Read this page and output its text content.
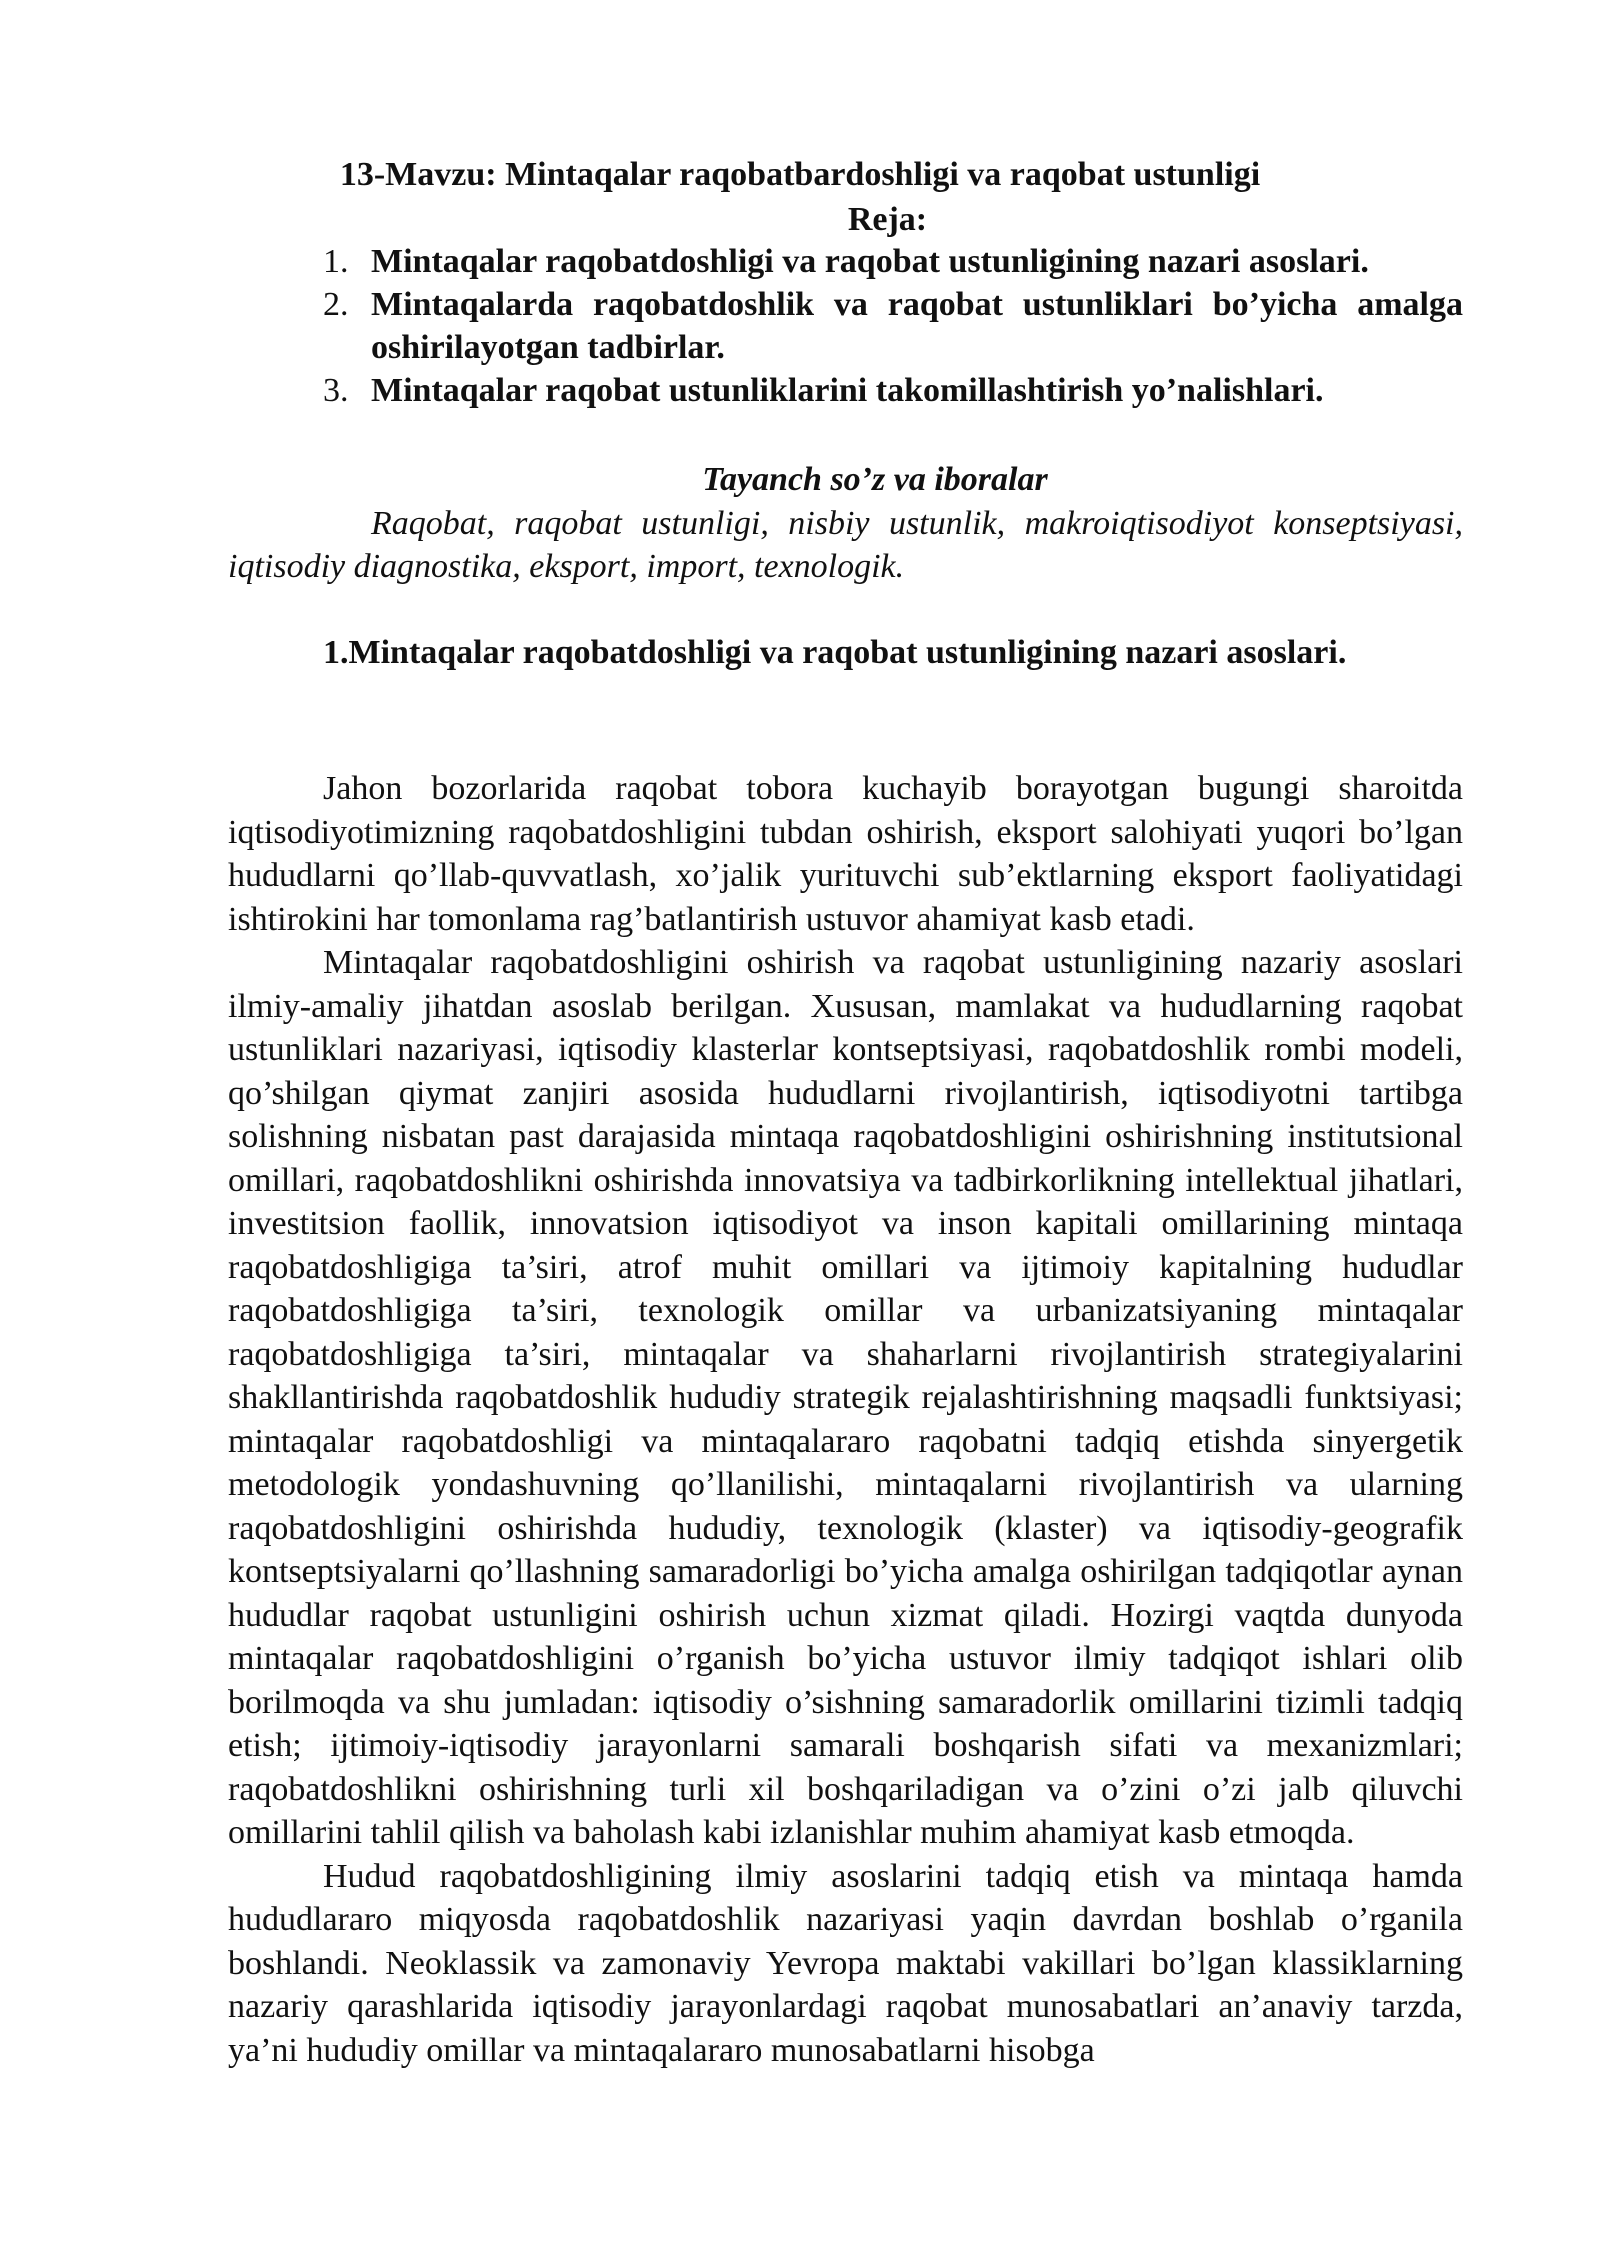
13-Mavzu: Mintaqalar raqobatbardoshligi va raqobat ustunligi
Reja:
1. Mintaqalar raqobatdoshligi va raqobat ustunligining nazari asoslari.
2. Mintaqalarda raqobatdoshlik va raqobat ustunliklari bo’yicha amalga oshirilayotgan tadbirlar.
3. Mintaqalar raqobat ustunliklarini takomillashtirish yo’nalishlari.
Tayanch so’z va iboralar

Raqobat, raqobat ustunligi, nisbiy ustunlik, makroiqtisodiyot konseptsiyasi, iqtisodiy diagnostika, eksport, import, texnologik.

1.Mintaqalar raqobatdoshligi va raqobat ustunligining nazari asoslari.

Jahon bozorlarida raqobat tobora kuchayib borayotgan bugungi sharoitda iqtisodiyotimizning raqobatdoshligini tubdan oshirish, eksport salohiyati yuqori bo’lgan hududlarni qo’llab-quvvatlash, xo’jalik yurituvchi sub’ektlarning eksport faoliyatidagi ishtirokini har tomonlama rag’batlantirish ustuvor ahamiyat kasb etadi.

Mintaqalar raqobatdoshligini oshirish va raqobat ustunligining nazariy asoslari ilmiy-amaliy jihatdan asoslab berilgan. Xususan, mamlakat va hududlarning raqobat ustunliklari nazariyasi, iqtisodiy klasterlar kontseptsiyasi, raqobatdoshlik rombi modeli, qo’shilgan qiymat zanjiri asosida hududlarni rivojlantirish, iqtisodiyotni tartibga solishning nisbatan past darajasida mintaqa raqobatdoshligini oshirishning institutsional omillari, raqobatdoshlikni oshirishda innovatsiya va tadbirkorlikning intellektual jihatlari, investitsion faollik, innovatsion iqtisodiyot va inson kapitali omillarining mintaqa raqobatdoshligiga ta’siri, atrof muhit omillari va ijtimoiy kapitalning hududlar raqobatdoshligiga ta’siri, texnologik omillar va urbanizatsiyaning mintaqalar raqobatdoshligiga ta’siri, mintaqalar va shaharlarni rivojlantirish strategiyalarini shakllantirishda raqobatdoshlik hududiy strategik rejalashtirishning maqsadli funktsiyasi; mintaqalar raqobatdoshligi va mintaqalararo raqobatni tadqiq etishda sinyergetik metodologik yondashuvning qo’llanilishi, mintaqalarni rivojlantirish va ularning raqobatdoshligini oshirishda hududiy, texnologik (klaster) va iqtisodiy-geografik kontseptsiyalarni qo’llashning samaradorligi bo’yicha amalga oshirilgan tadqiqotlar aynan hududlar raqobat ustunligini oshirish uchun xizmat qiladi. Hozirgi vaqtda dunyoda mintaqalar raqobatdoshligini o’rganish bo’yicha ustuvor ilmiy tadqiqot ishlari olib borilmoqda va shu jumladan: iqtisodiy o’sishning samaradorlik omillarini tizimli tadqiq etish; ijtimoiy-iqtisodiy jarayonlarni samarali boshqarish sifati va mexanizmlari; raqobatdoshlikni oshirishning turli xil boshqariladigan va o’zini o’zi jalb qiluvchi omillarini tahlil qilish va baholash kabi izlanishlar muhim ahamiyat kasb etmoqda.

Hudud raqobatdoshligining ilmiy asoslarini tadqiq etish va mintaqa hamda hududlararo miqyosda raqobatdoshlik nazariyasi yaqin davrdan boshlab o’rganila boshlandi. Neoklassik va zamonaviy Yevropa maktabi vakillari bo’lgan klassiklarning nazariy qarashlarida iqtisodiy jarayonlardagi raqobat munosabatlari an’anaviy tarzda, ya’ni hududiy omillar va mintaqalararo munosabatlarni hisobga
